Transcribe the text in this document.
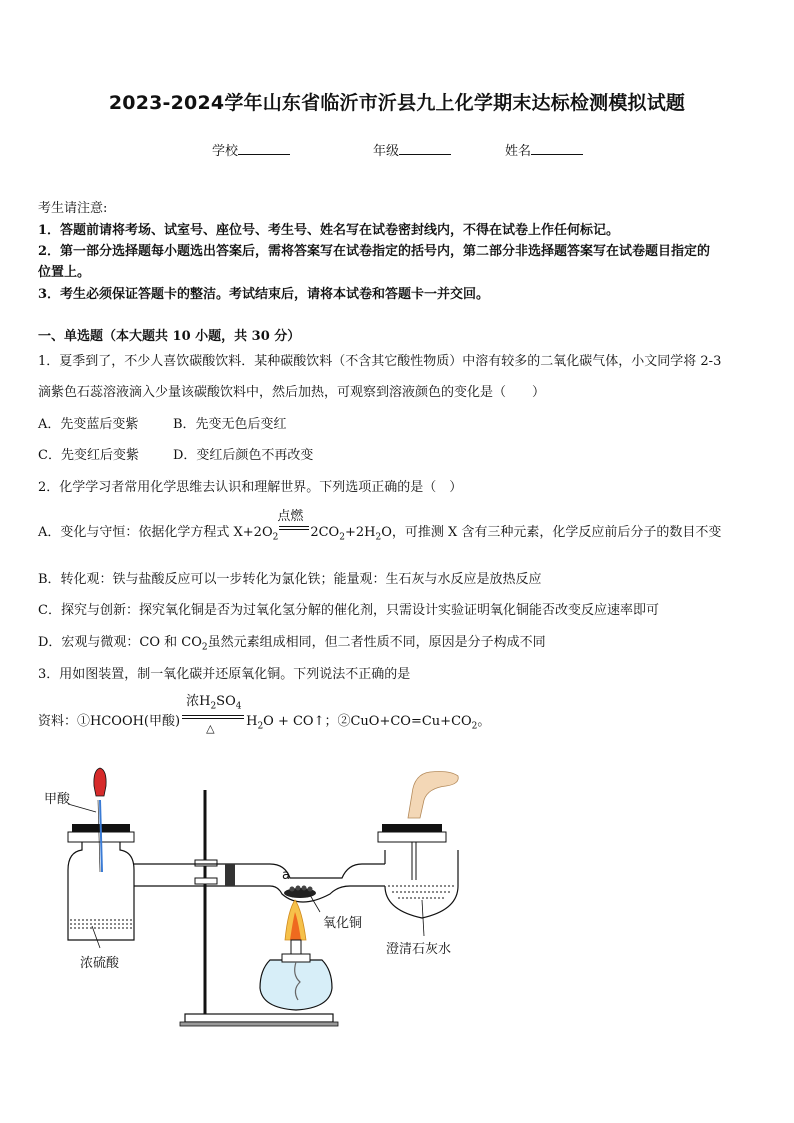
2023-2024学年山东省临沂市沂县九上化学期末达标检测模拟试题
学校	年级	姓名
考生请注意:
1．答题前请将考场、试室号、座位号、考生号、姓名写在试卷密封线内，不得在试卷上作任何标记。
2．第一部分选择题每小题选出答案后，需将答案写在试卷指定的括号内，第二部分非选择题答案写在试卷题目指定的
位置上。
3．考生必须保证答题卡的整洁。考试结束后，请将本试卷和答题卡一并交回。
一、单选题（本大题共 10 小题，共 30 分）
1．夏季到了，不少人喜饮碳酸饮料．某种碳酸饮料（不含其它酸性物质）中溶有较多的二氧化碳气体，小文同学将 2-3
滴紫色石蕊溶液滴入少量该碳酸饮料中，然后加热，可观察到溶液颜色的变化是（　　）
A．先变蓝后变紫	B．先变无色后变红
C．先变红后变紫	D．变红后颜色不再改变
2．化学学习者常用化学思维去认识和理解世界。下列选项正确的是（　）
A．变化与守恒：依据化学方程式 $X+2O_2$
点燃
$2CO_2+2H_2O$，可推测 X 含有三种元素，化学反应前后分子的数目不变
B．转化观：铁与盐酸反应可以一步转化为氯化铁；能量观：生石灰与水反应是放热反应
C．探究与创新：探究氧化铜是否为过氧化氢分解的催化剂，只需设计实验证明氧化铜能否改变反应速率即可
D．宏观与微观：CO 和 $CO_2$虽然元素组成相同，但二者性质不同，原因是分子构成不同
3．用如图装置，制一氧化碳并还原氧化铜。下列说法不正确的是
资料：①HCOOH(甲酸)
浓$H_2SO_4$
△ $H_2O$ + CO↑；$②CuO+CO=Cu+CO_2$。
甲酸
a
氧化铜
浓硫酸
澄清石灰水
